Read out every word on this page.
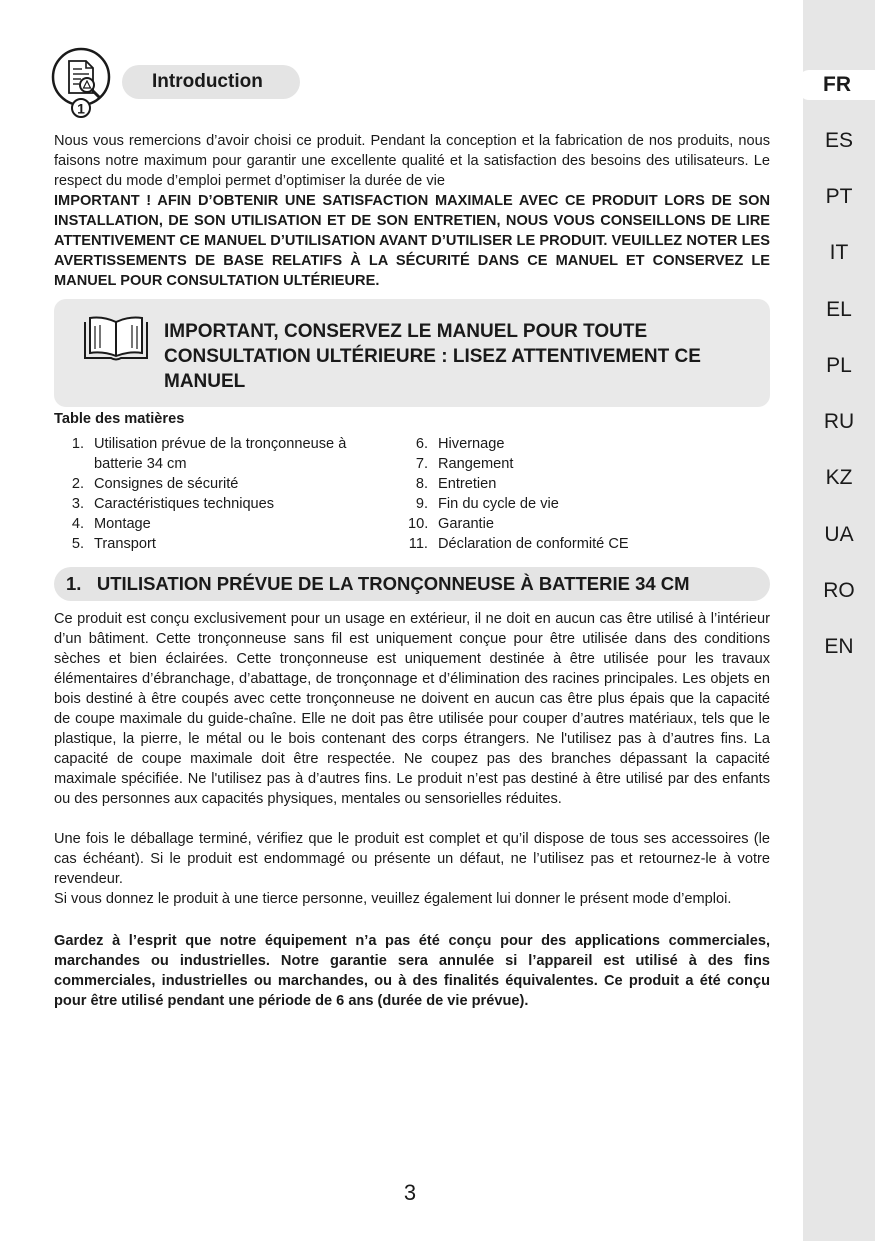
FR
ES
PT
IT
EL
PL
RU
KZ
UA
RO
EN
Introduction
1

Nous vous remercions d’avoir choisi ce produit. Pendant la conception et la fabrication de nos produits, nous faisons notre maximum pour garantir une excellente qualité et la satisfaction des besoins des utilisateurs. Le respect du mode d’emploi permet d’optimiser la durée de vie

IMPORTANT ! AFIN D’OBTENIR UNE SATISFACTION MAXIMALE AVEC CE PRODUIT LORS DE SON INSTALLATION, DE SON UTILISATION ET DE SON ENTRETIEN, NOUS VOUS CONSEILLONS DE LIRE ATTENTIVEMENT CE MANUEL D’UTILISATION AVANT D’UTILISER LE PRODUIT. VEUILLEZ NOTER LES AVERTISSEMENTS DE BASE RELATIFS À LA SÉCURITÉ DANS CE MANUEL ET CONSERVEZ LE MANUEL POUR CONSULTATION ULTÉRIEURE.

IMPORTANT, CONSERVEZ LE MANUEL POUR TOUTE CONSULTATION ULTÉRIEURE : LISEZ ATTENTIVEMENT CE MANUEL
Table des matières
1. Utilisation prévue de la tronçonneuse à batterie 34 cm
2. Consignes de sécurité
3. Caractéristiques techniques
4. Montage
5. Transport
6. Hivernage
7. Rangement
8. Entretien
9. Fin du cycle de vie
10. Garantie
11. Déclaration de conformité CE
1.   UTILISATION PRÉVUE DE LA TRONÇONNEUSE À BATTERIE 34 CM

Ce produit est conçu exclusivement pour un usage en extérieur, il ne doit en aucun cas être utilisé à l’intérieur d’un bâtiment. Cette tronçonneuse sans fil est uniquement conçue pour être utilisée dans des conditions sèches et bien éclairées. Cette tronçonneuse est uniquement destinée à être utilisée pour les travaux élémentaires d’ébranchage, d’abattage, de tronçonnage et d’élimination des racines principales. Les objets en bois destiné à être coupés avec cette tronçonneuse ne doivent en aucun cas être plus épais que la capacité de coupe maximale du guide-chaîne. Elle ne doit pas être utilisée pour couper d’autres matériaux, tels que le plastique, la pierre, le métal ou le bois contenant des corps étrangers. Ne l'utilisez pas à d’autres fins. La capacité de coupe maximale doit être respectée. Ne coupez pas des branches dépassant la capacité maximale spécifiée. Ne l'utilisez pas à d’autres fins. Le produit n’est pas destiné à être utilisé par des enfants ou des personnes aux capacités physiques, mentales ou sensorielles réduites.

Une fois le déballage terminé, vérifiez que le produit est complet et qu’il dispose de tous ses accessoires (le cas échéant). Si le produit est endommagé ou présente un défaut, ne l’utilisez pas et retournez-le à votre revendeur.

Si vous donnez le produit à une tierce personne, veuillez également lui donner le présent mode d’emploi.

Gardez à l’esprit que notre équipement n’a pas été conçu pour des applications commerciales, marchandes ou industrielles. Notre garantie sera annulée si l’appareil est utilisé à des fins commerciales, industrielles ou marchandes, ou à des finalités équivalentes. Ce produit a été conçu pour être utilisé pendant une période de 6 ans (durée de vie prévue).

3
